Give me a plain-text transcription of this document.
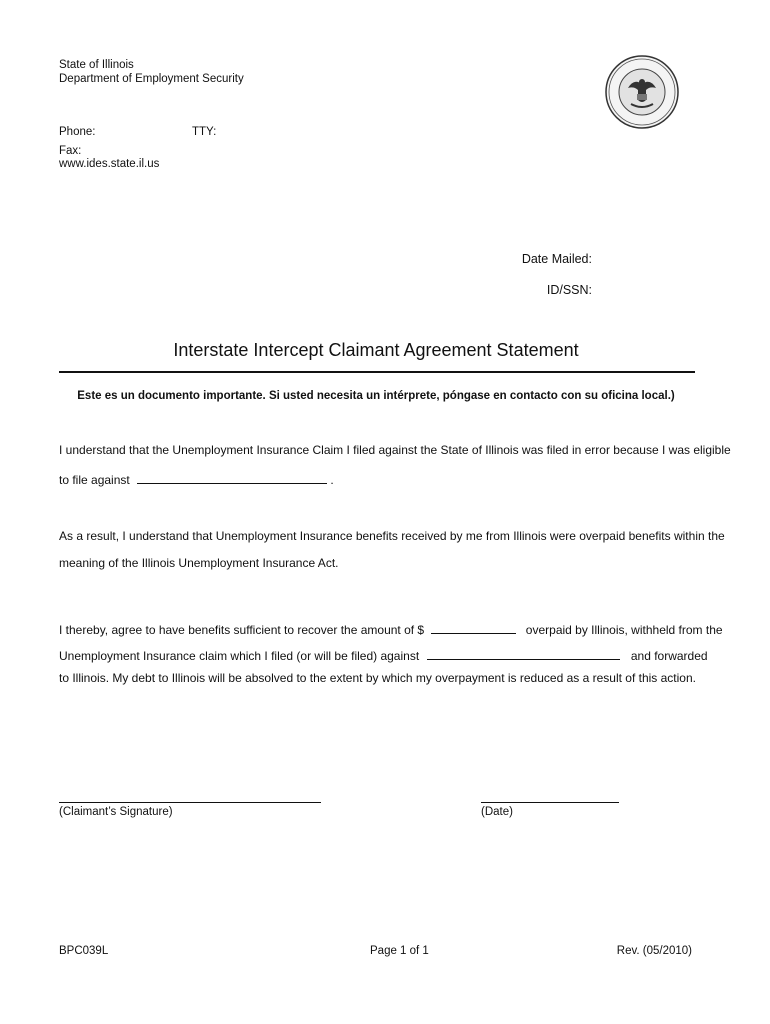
State of Illinois
Department of Employment Security
Phone:	TTY:
Fax:
www.ides.state.il.us
Date Mailed:
ID/SSN:
Interstate Intercept Claimant Agreement Statement
Este es un documento importante. Si usted necesita un intérprete, póngase en contacto con su oficina local.)
I understand that the Unemployment Insurance Claim I filed against the State of Illinois was filed in error because I was eligible
to file against	.
As a result, I understand that Unemployment Insurance benefits received by me from Illinois were overpaid benefits within the
meaning of the Illinois Unemployment Insurance Act.
I thereby, agree to have benefits sufficient to recover the amount of $	overpaid by Illinois, withheld from the
Unemployment Insurance claim which I filed (or will be filed) against	and forwarded
to Illinois. My debt to Illinois will be absolved to the extent by which my overpayment is reduced as a result of this action.
(Claimant’s Signature)	(Date)
BPC039L	Page 1 of 1	Rev. (05/2010)
